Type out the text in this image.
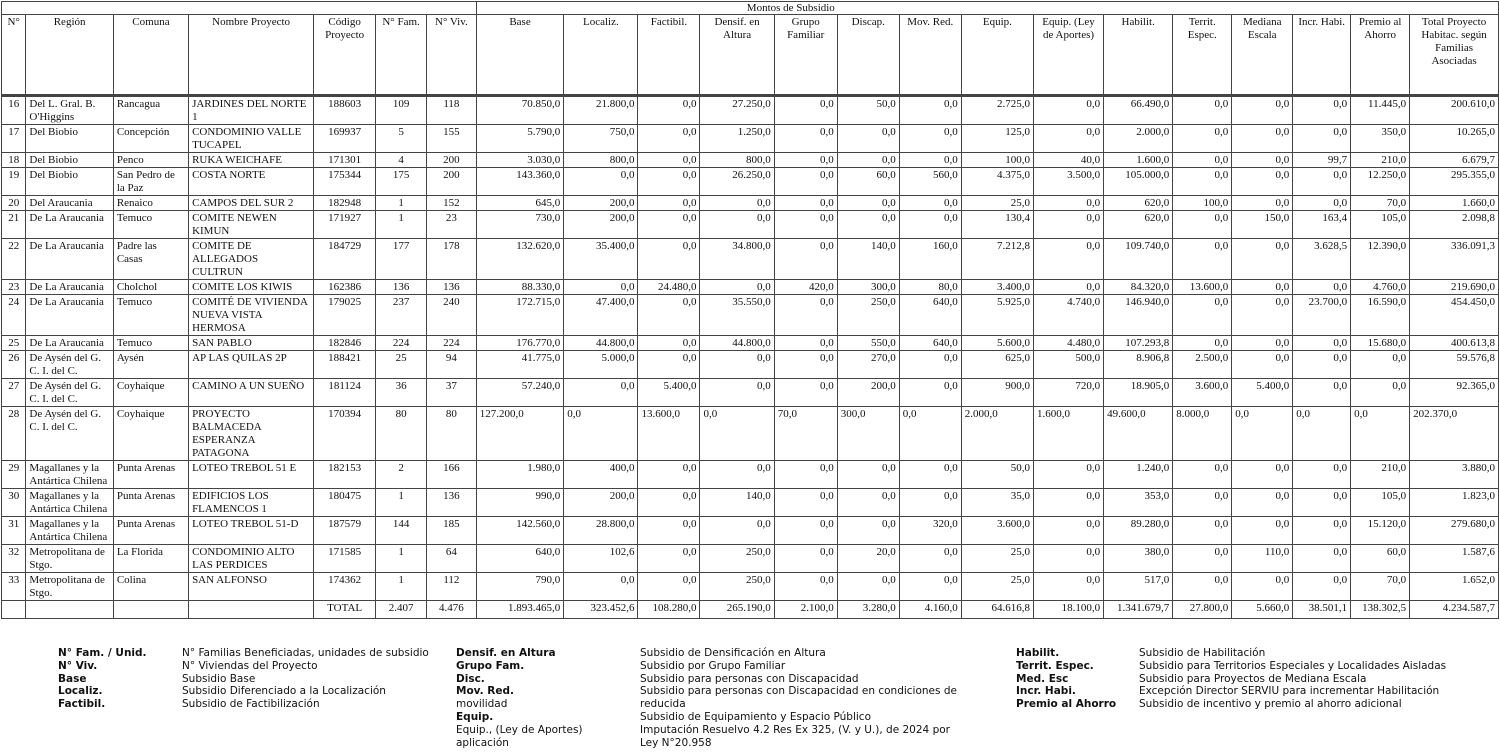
							Montos de Subsidio														
N°	Región	Comuna	Nombre Proyecto	Código Proyecto	N° Fam.	N° Viv.	Base	Localiz.	Factibil.	Densif. en Altura	Grupo Familiar	Discap.	Mov. Red.	Equip.	Equip. (Ley de Aportes)	Habilit.	Territ. Espec.	Mediana Escala	Incr. Habi.	Premio al Ahorro	Total Proyecto Habitac. según Familias Asociadas
16	Del L. Gral. B. O'Higgins	Rancagua	JARDINES DEL NORTE 1	188603	109	118	70.850,0	21.800,0	0,0	27.250,0	0,0	50,0	0,0	2.725,0	0,0	66.490,0	0,0	0,0	0,0	11.445,0	200.610,0
17	Del Biobio	Concepción	CONDOMINIO VALLE TUCAPEL	169937	5	155	5.790,0	750,0	0,0	1.250,0	0,0	0,0	0,0	125,0	0,0	2.000,0	0,0	0,0	0,0	350,0	10.265,0
18	Del Biobio	Penco	RUKA WEICHAFE	171301	4	200	3.030,0	800,0	0,0	800,0	0,0	0,0	0,0	100,0	40,0	1.600,0	0,0	0,0	99,7	210,0	6.679,7
19	Del Biobio	San Pedro de la Paz	COSTA NORTE	175344	175	200	143.360,0	0,0	0,0	26.250,0	0,0	60,0	560,0	4.375,0	3.500,0	105.000,0	0,0	0,0	0,0	12.250,0	295.355,0
20	Del Araucania	Renaico	CAMPOS DEL SUR 2	182948	1	152	645,0	200,0	0,0	0,0	0,0	0,0	0,0	25,0	0,0	620,0	100,0	0,0	0,0	70,0	1.660,0
21	De La Araucania	Temuco	COMITE NEWEN KIMUN	171927	1	23	730,0	200,0	0,0	0,0	0,0	0,0	0,0	130,4	0,0	620,0	0,0	150,0	163,4	105,0	2.098,8
22	De La Araucania	Padre las Casas	COMITE DE ALLEGADOS CULTRUN	184729	177	178	132.620,0	35.400,0	0,0	34.800,0	0,0	140,0	160,0	7.212,8	0,0	109.740,0	0,0	0,0	3.628,5	12.390,0	336.091,3
23	De La Araucania	Cholchol	COMITE LOS KIWIS	162386	136	136	88.330,0	0,0	24.480,0	0,0	420,0	300,0	80,0	3.400,0	0,0	84.320,0	13.600,0	0,0	0,0	4.760,0	219.690,0
24	De La Araucania	Temuco	COMITÉ DE VIVIENDA NUEVA VISTA HERMOSA	179025	237	240	172.715,0	47.400,0	0,0	35.550,0	0,0	250,0	640,0	5.925,0	4.740,0	146.940,0	0,0	0,0	23.700,0	16.590,0	454.450,0
25	De La Araucania	Temuco	SAN PABLO	182846	224	224	176.770,0	44.800,0	0,0	44.800,0	0,0	550,0	640,0	5.600,0	4.480,0	107.293,8	0,0	0,0	0,0	15.680,0	400.613,8
26	De Aysén del G. C. I. del C.	Aysén	AP LAS QUILAS 2P	188421	25	94	41.775,0	5.000,0	0,0	0,0	0,0	270,0	0,0	625,0	500,0	8.906,8	2.500,0	0,0	0,0	0,0	59.576,8
27	De Aysén del G. C. I. del C.	Coyhaique	CAMINO A UN SUEÑO	181124	36	37	57.240,0	0,0	5.400,0	0,0	0,0	200,0	0,0	900,0	720,0	18.905,0	3.600,0	5.400,0	0,0	0,0	92.365,0
28	De Aysén del G. C. I. del C.	Coyhaique	PROYECTO BALMACEDA ESPERANZA PATAGONA	170394	80	80	127.200,0	0,0	13.600,0	0,0	70,0	300,0	0,0	2.000,0	1.600,0	49.600,0	8.000,0	0,0	0,0	0,0	202.370,0
29	Magallanes y la Antártica Chilena	Punta Arenas	LOTEO TREBOL 51 E	182153	2	166	1.980,0	400,0	0,0	0,0	0,0	0,0	0,0	50,0	0,0	1.240,0	0,0	0,0	0,0	210,0	3.880,0
30	Magallanes y la Antártica Chilena	Punta Arenas	EDIFICIOS LOS FLAMENCOS 1	180475	1	136	990,0	200,0	0,0	140,0	0,0	0,0	0,0	35,0	0,0	353,0	0,0	0,0	0,0	105,0	1.823,0
31	Magallanes y la Antártica Chilena	Punta Arenas	LOTEO TREBOL 51-D	187579	144	185	142.560,0	28.800,0	0,0	0,0	0,0	0,0	320,0	3.600,0	0,0	89.280,0	0,0	0,0	0,0	15.120,0	279.680,0
32	Metropolitana de Stgo.	La Florida	CONDOMINIO ALTO LAS PERDICES	171585	1	64	640,0	102,6	0,0	250,0	0,0	20,0	0,0	25,0	0,0	380,0	0,0	110,0	0,0	60,0	1.587,6
33	Metropolitana de Stgo.	Colina	SAN ALFONSO	174362	1	112	790,0	0,0	0,0	250,0	0,0	0,0	0,0	25,0	0,0	517,0	0,0	0,0	0,0	70,0	1.652,0
				TOTAL	2.407	4.476	1.893.465,0	323.452,6	108.280,0	265.190,0	2.100,0	3.280,0	4.160,0	64.616,8	18.100,0	1.341.679,7	27.800,0	5.660,0	38.501,1	138.302,5	4.234.587,7
N° Fam. / Unid.	N° Familias Beneficiadas, unidades de subsidio
N° Viv.	N° Viviendas del Proyecto
Base	Subsidio Base
Localiz.	Subsidio Diferenciado a la Localización
Factibil.	Subsidio de Factibilización
Densif. en Altura	Subsidio de Densificación en Altura
Grupo Fam.	Subsidio por Grupo Familiar
Disc.	Subsidio para personas con Discapacidad
Mov. Red.	Subsidio para personas con Discapacidad en condiciones de
movilidad	reducida
Equip.	Subsidio de Equipamiento y Espacio Público
Equip., (Ley de Aportes)	Imputación Resuelvo 4.2 Res Ex 325, (V. y U.), de 2024 por
aplicación	Ley N°20.958
Habilit.	Subsidio de Habilitación
Territ. Espec.	Subsidio para Territorios Especiales y Localidades Aisladas
Med. Esc	Subsidio para Proyectos de Mediana Escala
Incr. Habi.	Excepción Director SERVIU para incrementar Habilitación
Premio al Ahorro	Subsidio de incentivo y premio al ahorro adicional
